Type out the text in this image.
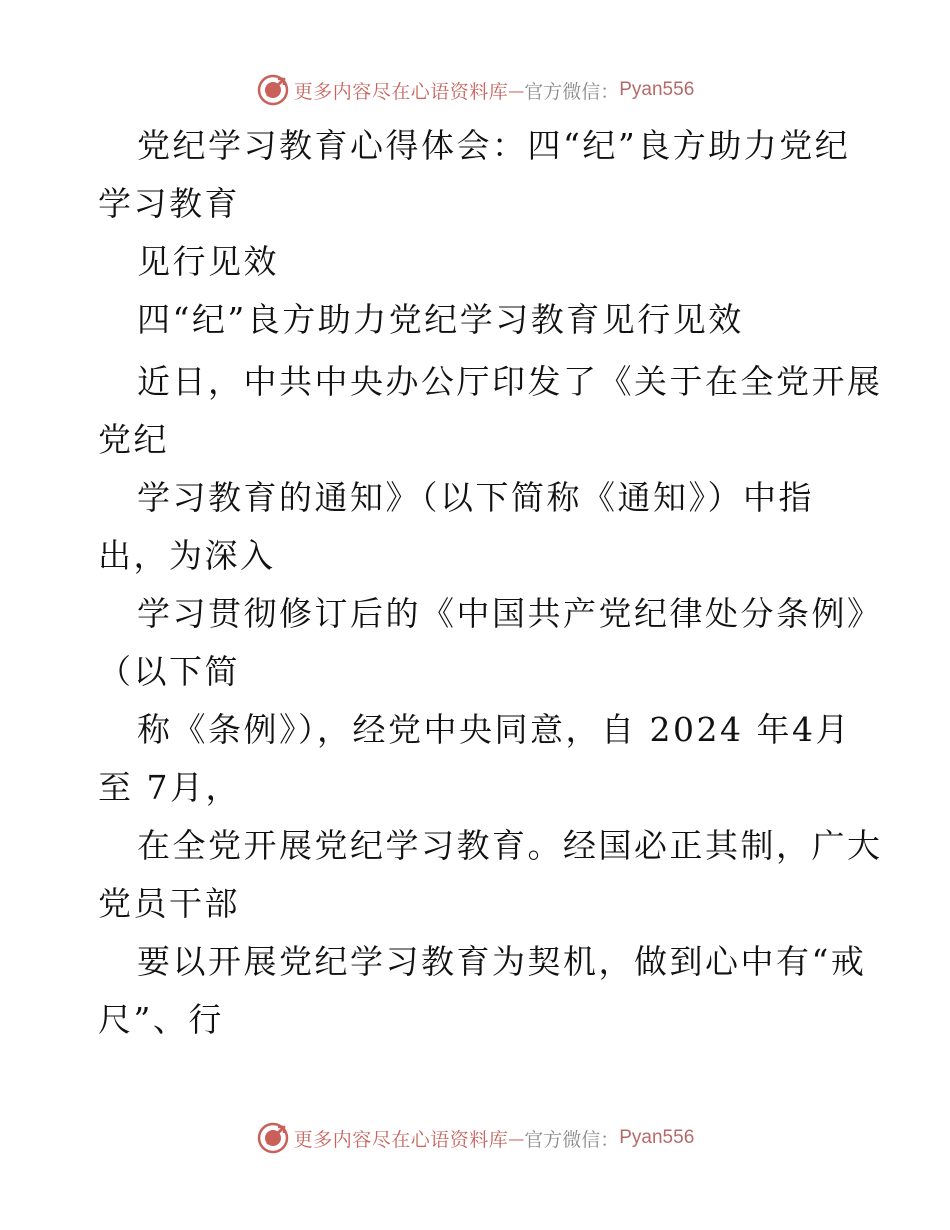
更多内容尽在心语资料库 — 官方微信： Pyan556
党纪学习教育心得体会：四“纪”良方助力党纪
学习教育
见行见效
四“纪”良方助力党纪学习教育见行见效
近日，中共中央办公厅印发了《关于在全党开展
党纪
学习教育的通知》（以下简称《通知》）中指
出，为深入
学习贯彻修订后的《中国共产党纪律处分条例》
（以下简
称《条例》），经党中央同意，自 2024 年4月
至 7月，
在全党开展党纪学习教育。经国必正其制，广大
党员干部
要以开展党纪学习教育为契机，做到心中有“戒
尺”、行
更多内容尽在心语资料库 — 官方微信： Pyan556
